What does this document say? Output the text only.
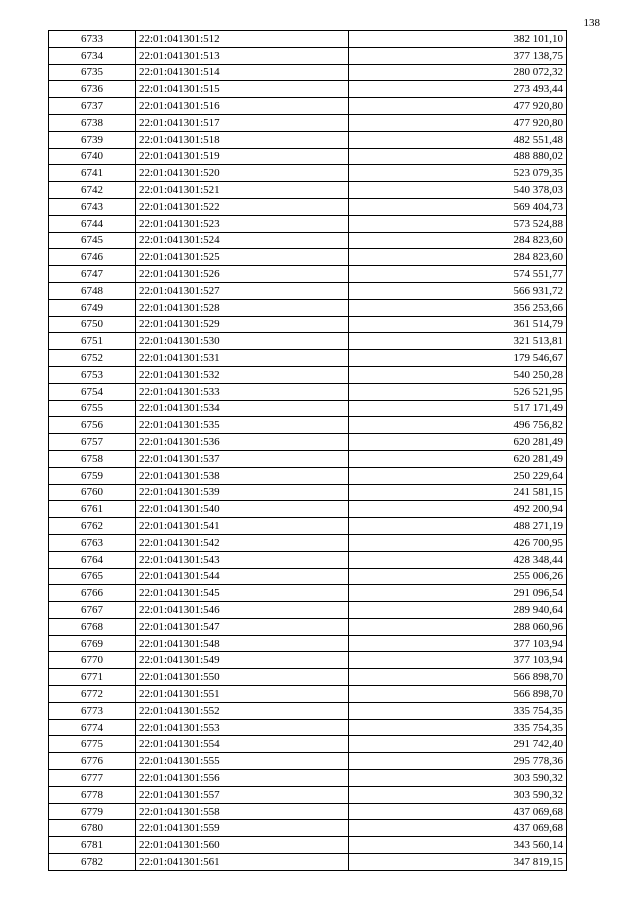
138
6733	22:01:041301:512	382 101,10
6734	22:01:041301:513	377 138,75
6735	22:01:041301:514	280 072,32
6736	22:01:041301:515	273 493,44
6737	22:01:041301:516	477 920,80
6738	22:01:041301:517	477 920,80
6739	22:01:041301:518	482 551,48
6740	22:01:041301:519	488 880,02
6741	22:01:041301:520	523 079,35
6742	22:01:041301:521	540 378,03
6743	22:01:041301:522	569 404,73
6744	22:01:041301:523	573 524,88
6745	22:01:041301:524	284 823,60
6746	22:01:041301:525	284 823,60
6747	22:01:041301:526	574 551,77
6748	22:01:041301:527	566 931,72
6749	22:01:041301:528	356 253,66
6750	22:01:041301:529	361 514,79
6751	22:01:041301:530	321 513,81
6752	22:01:041301:531	179 546,67
6753	22:01:041301:532	540 250,28
6754	22:01:041301:533	526 521,95
6755	22:01:041301:534	517 171,49
6756	22:01:041301:535	496 756,82
6757	22:01:041301:536	620 281,49
6758	22:01:041301:537	620 281,49
6759	22:01:041301:538	250 229,64
6760	22:01:041301:539	241 581,15
6761	22:01:041301:540	492 200,94
6762	22:01:041301:541	488 271,19
6763	22:01:041301:542	426 700,95
6764	22:01:041301:543	428 348,44
6765	22:01:041301:544	255 006,26
6766	22:01:041301:545	291 096,54
6767	22:01:041301:546	289 940,64
6768	22:01:041301:547	288 060,96
6769	22:01:041301:548	377 103,94
6770	22:01:041301:549	377 103,94
6771	22:01:041301:550	566 898,70
6772	22:01:041301:551	566 898,70
6773	22:01:041301:552	335 754,35
6774	22:01:041301:553	335 754,35
6775	22:01:041301:554	291 742,40
6776	22:01:041301:555	295 778,36
6777	22:01:041301:556	303 590,32
6778	22:01:041301:557	303 590,32
6779	22:01:041301:558	437 069,68
6780	22:01:041301:559	437 069,68
6781	22:01:041301:560	343 560,14
6782	22:01:041301:561	347 819,15
